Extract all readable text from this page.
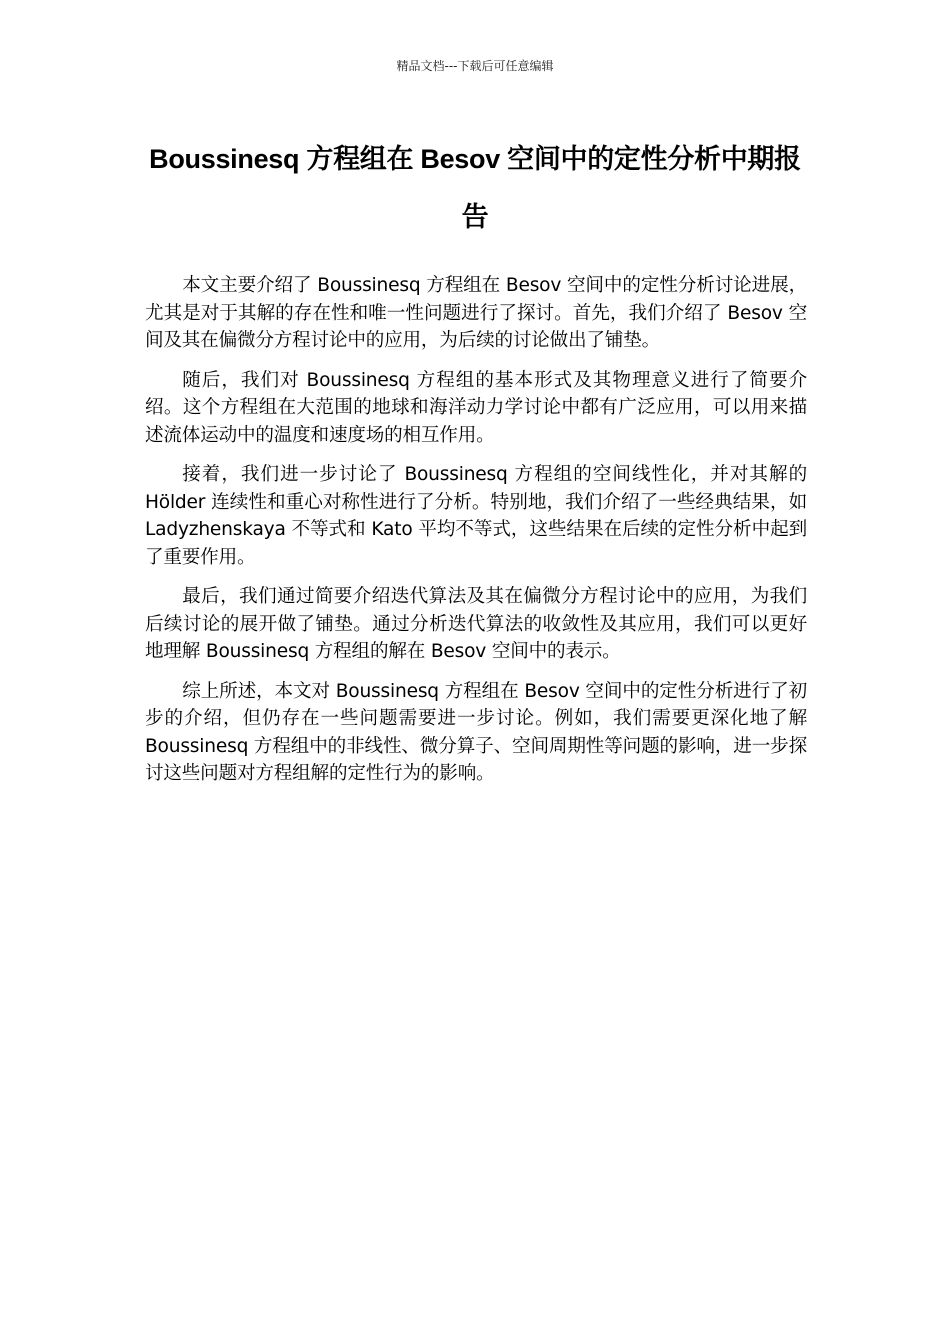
精品文档---下载后可任意编辑
Boussinesq 方程组在 Besov 空间中的定性分析中期报告

本文主要介绍了 Boussinesq 方程组在 Besov 空间中的定性分析讨论进展，尤其是对于其解的存在性和唯一性问题进行了探讨。首先，我们介绍了 Besov 空间及其在偏微分方程讨论中的应用，为后续的讨论做出了铺垫。

随后，我们对 Boussinesq 方程组的基本形式及其物理意义进行了简要介绍。这个方程组在大范围的地球和海洋动力学讨论中都有广泛应用，可以用来描述流体运动中的温度和速度场的相互作用。

接着，我们进一步讨论了 Boussinesq 方程组的空间线性化，并对其解的 Hölder 连续性和重心对称性进行了分析。特别地，我们介绍了一些经典结果，如 Ladyzhenskaya 不等式和 Kato 平均不等式，这些结果在后续的定性分析中起到了重要作用。

最后，我们通过简要介绍迭代算法及其在偏微分方程讨论中的应用，为我们后续讨论的展开做了铺垫。通过分析迭代算法的收敛性及其应用，我们可以更好地理解 Boussinesq 方程组的解在 Besov 空间中的表示。

综上所述，本文对 Boussinesq 方程组在 Besov 空间中的定性分析进行了初步的介绍，但仍存在一些问题需要进一步讨论。例如，我们需要更深化地了解 Boussinesq 方程组中的非线性、微分算子、空间周期性等问题的影响，进一步探讨这些问题对方程组解的定性行为的影响。
